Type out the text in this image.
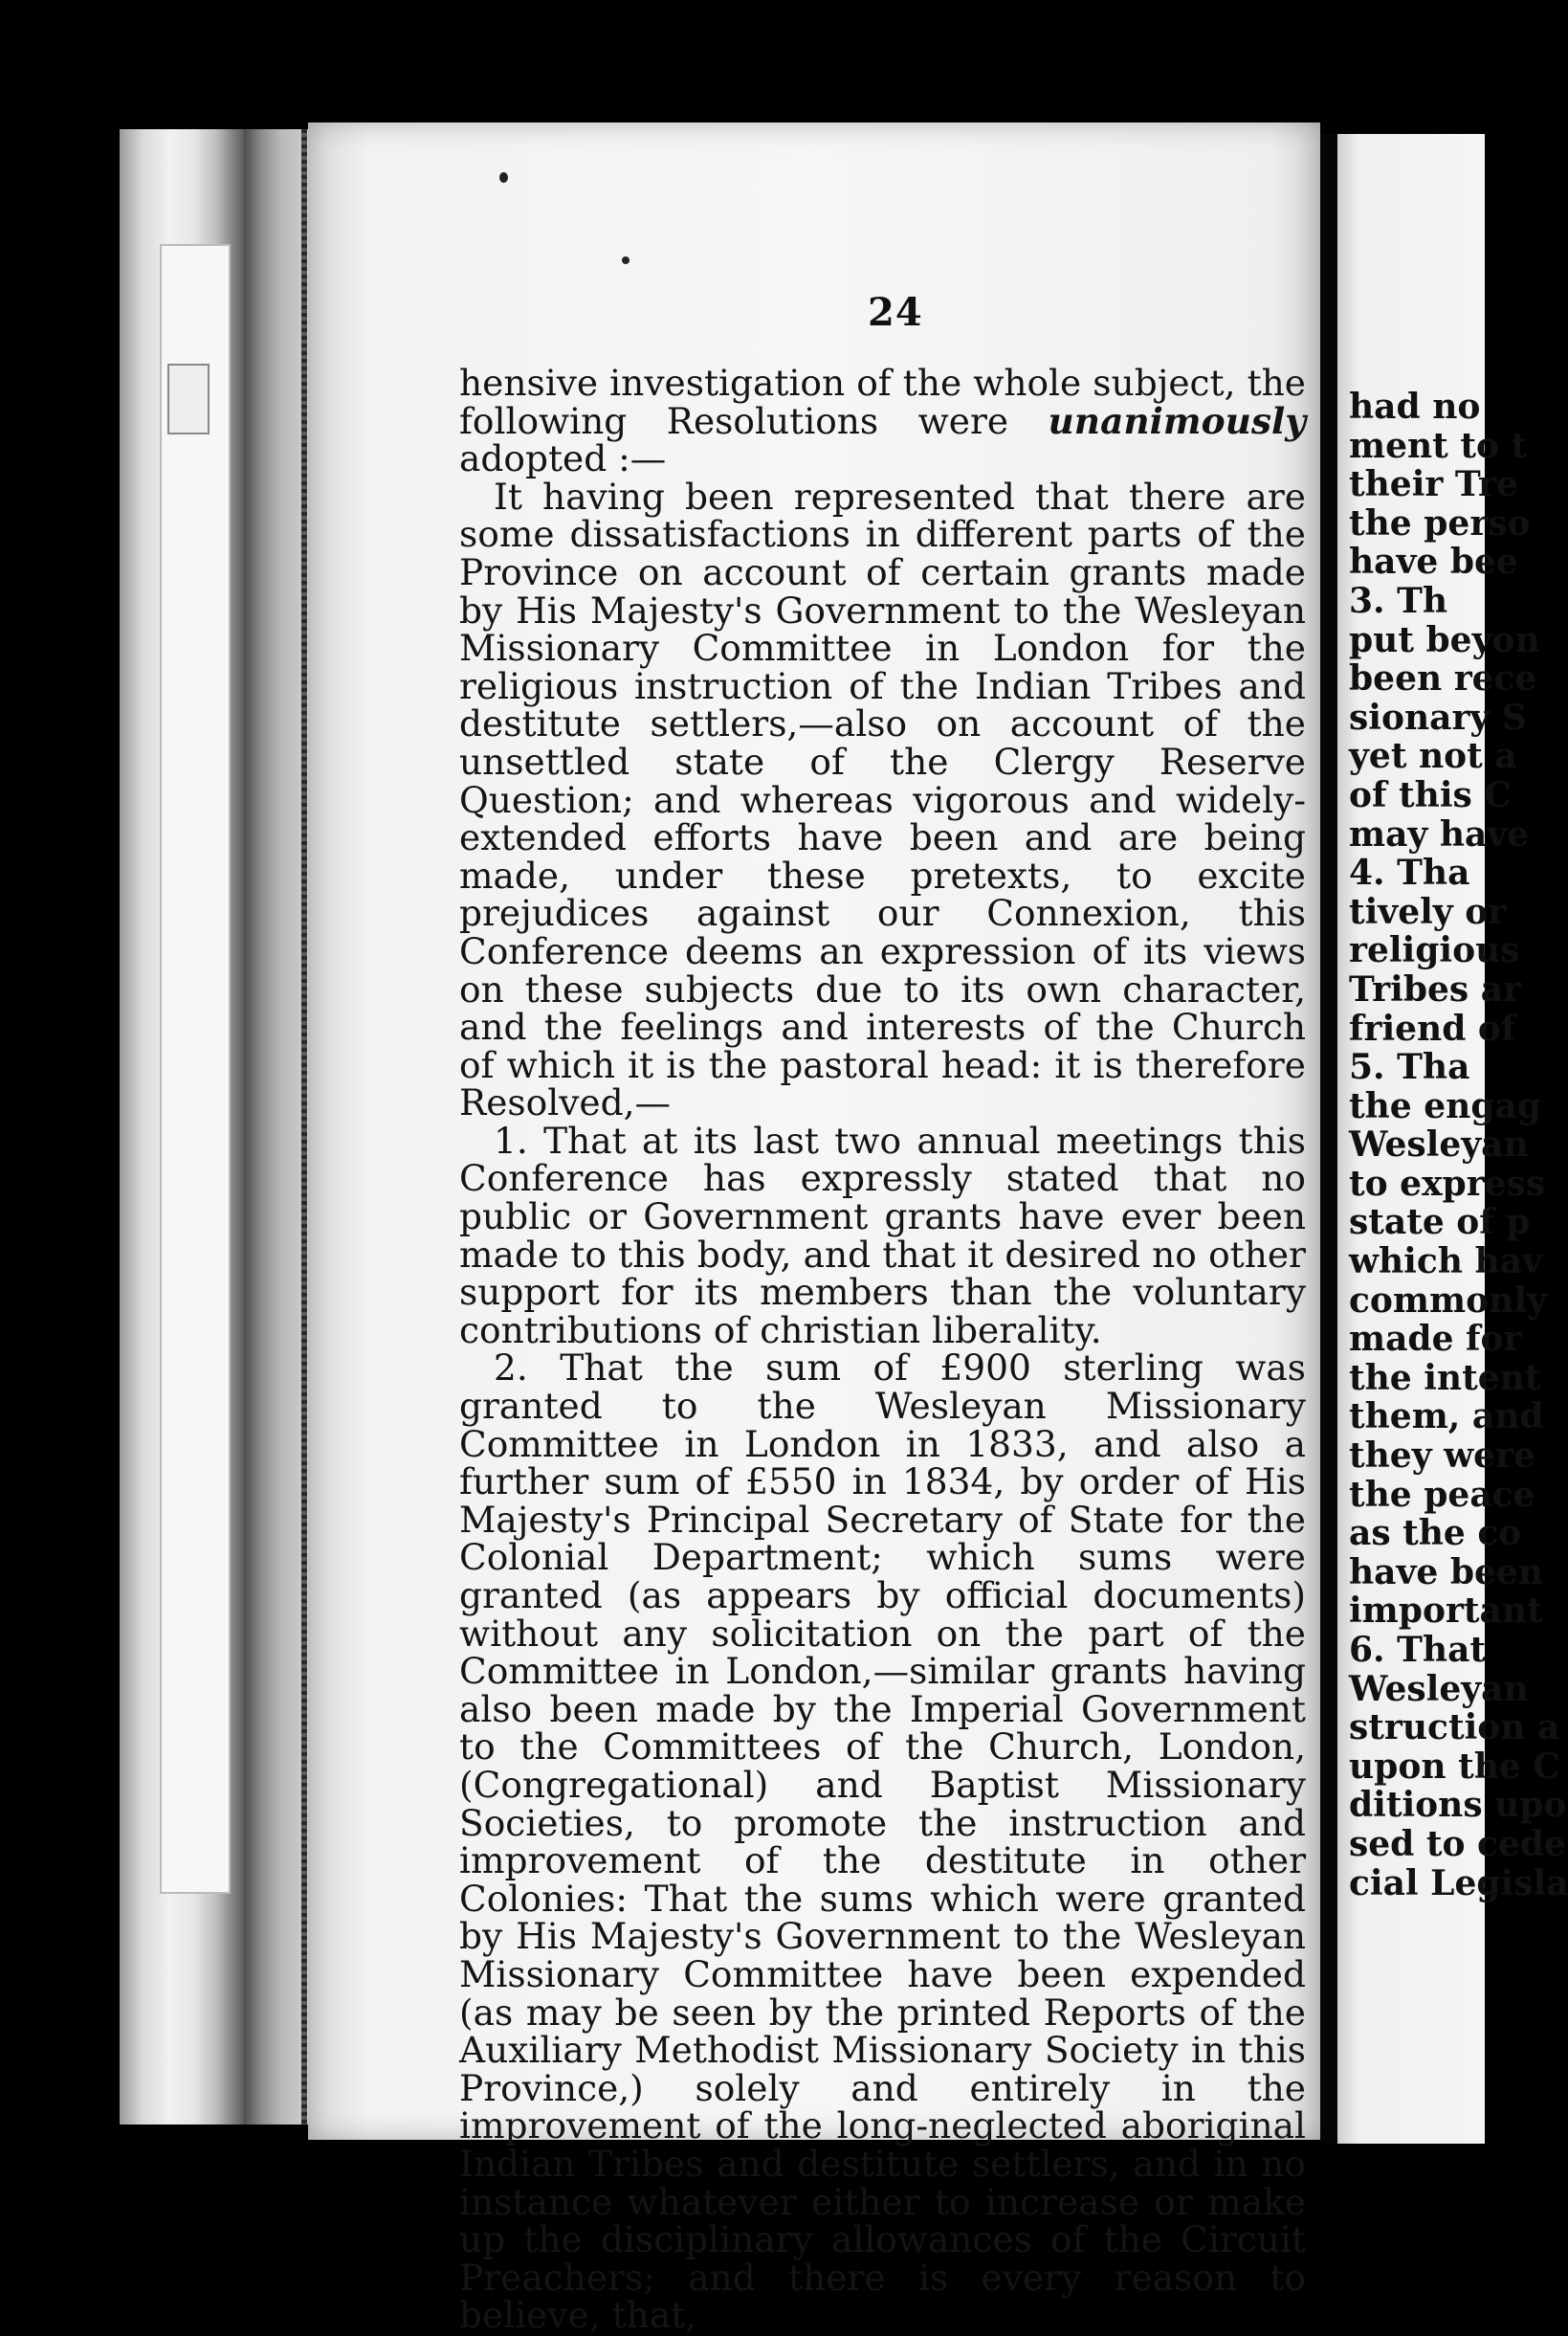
24

hensive investigation of the whole subject, the following Resolutions were unanimously adopted :—

It having been represented that there are some dissatisfactions in different parts of the Province on account of certain grants made by His Majesty's Government to the Wesleyan Missionary Committee in London for the religious instruction of the Indian Tribes and destitute settlers,—also on account of the unsettled state of the Clergy Reserve Question; and whereas vigorous and widely-extended efforts have been and are being made, under these pretexts, to excite prejudices against our Connexion, this Conference deems an expression of its views on these subjects due to its own character, and the feelings and interests of the Church of which it is the pastoral head: it is therefore Resolved,—

1. That at its last two annual meetings this Conference has expressly stated that no public or Government grants have ever been made to this body, and that it desired no other support for its members than the voluntary contributions of christian liberality.

2. That the sum of £900 sterling was granted to the Wesleyan Missionary Committee in London in 1833, and also a further sum of £550 in 1834, by order of His Majesty's Principal Secretary of State for the Colonial Department; which sums were granted (as appears by official documents) without any solicitation on the part of the Committee in London,—similar grants having also been made by the Imperial Government to the Committees of the Church, London, (Congregational) and Baptist Missionary Societies, to promote the instruction and improvement of the destitute in other Colonies: That the sums which were granted by His Majesty's Government to the Wesleyan Missionary Committee have been expended (as may be seen by the printed Reports of the Auxiliary Methodist Missionary Society in this Province,) solely and entirely in the improvement of the long-neglected aboriginal Indian Tribes and destitute settlers, and in no instance whatever either to increase or make up the disciplinary allowances of the Circuit Preachers; and there is every reason to believe, that,

had no
ment to t
their Tre
the perso
have bee
3. Th
put beyon
been rece
sionary S
yet not a
of this C
may have
4. Tha
tively or
religious
Tribes ar
friend of
5. Tha
the engag
Wesleyan
to express
state of p
which hav
commonly
made for
the intent
them, and
they were
the peace
as the co
have been
important
6. That
Wesleyan
struction a
upon the C
ditions upo
sed to cede
cial Legisla
